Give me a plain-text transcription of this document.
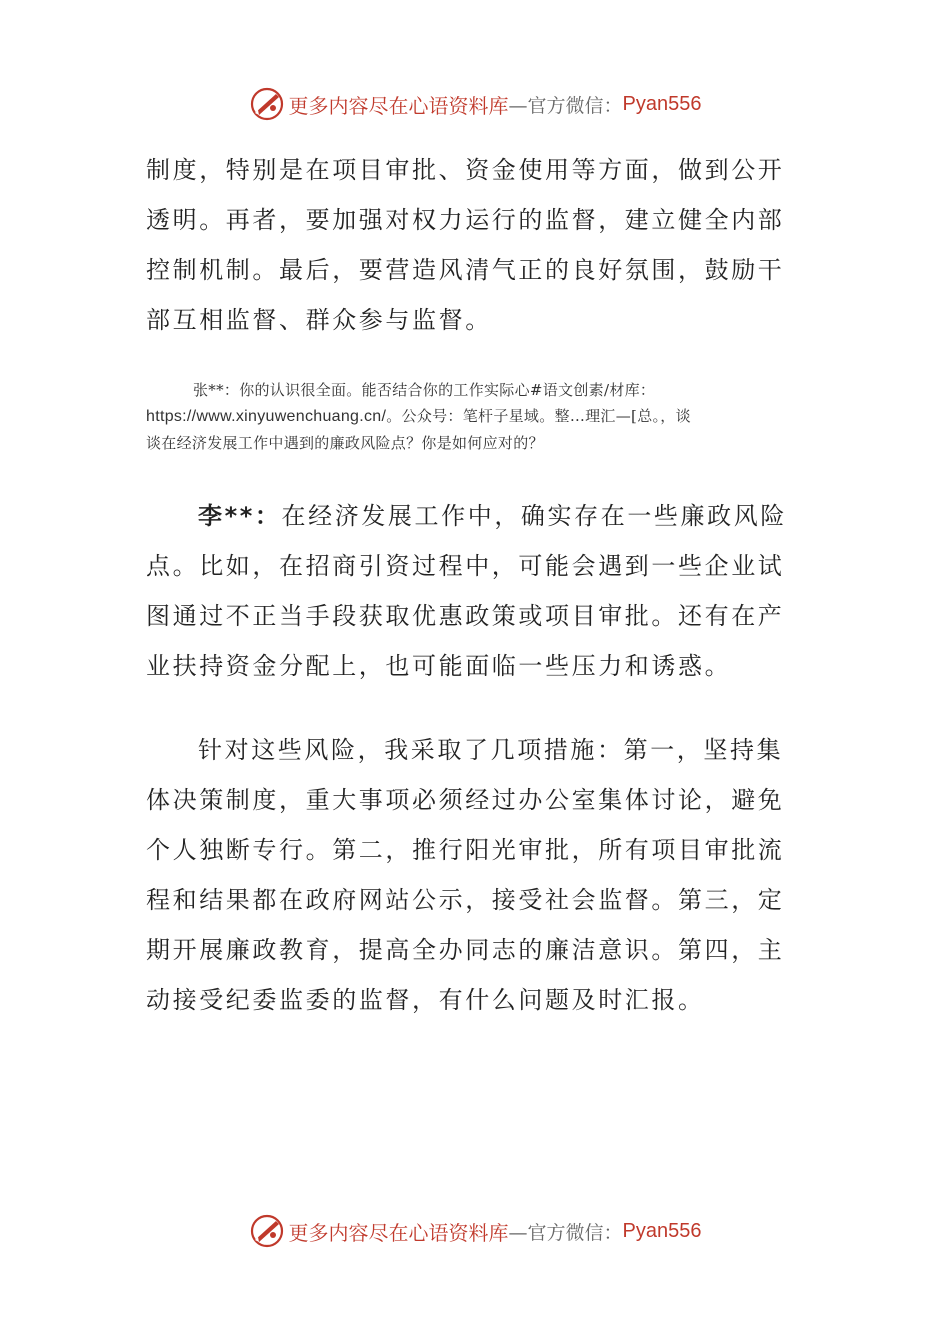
更多内容尽在心语资料库 —官方微信： Pyan556

制度，特别是在项目审批、资金使用等方面，做到公开透明。再者，要加强对权力运行的监督，建立健全内部控制机制。最后，要营造风清气正的良好氛围，鼓励干部互相监督、群众参与监督。

张**：你的认识很全面。能否结合你的工作实际心#语文创素/材库：
https://www.xinyuwenchuang.cn/。公众号：笔杆子星域。整…理汇—[总。，谈
谈在经济发展工作中遇到的廉政风险点？你是如何应对的？

李**：在经济发展工作中，确实存在一些廉政风险点。比如，在招商引资过程中，可能会遇到一些企业试图通过不正当手段获取优惠政策或项目审批。还有在产业扶持资金分配上，也可能面临一些压力和诱惑。

针对这些风险，我采取了几项措施：第一，坚持集体决策制度，重大事项必须经过办公室集体讨论，避免个人独断专行。第二，推行阳光审批，所有项目审批流程和结果都在政府网站公示，接受社会监督。第三，定期开展廉政教育，提高全办同志的廉洁意识。第四，主动接受纪委监委的监督，有什么问题及时汇报。

更多内容尽在心语资料库 —官方微信： Pyan556
